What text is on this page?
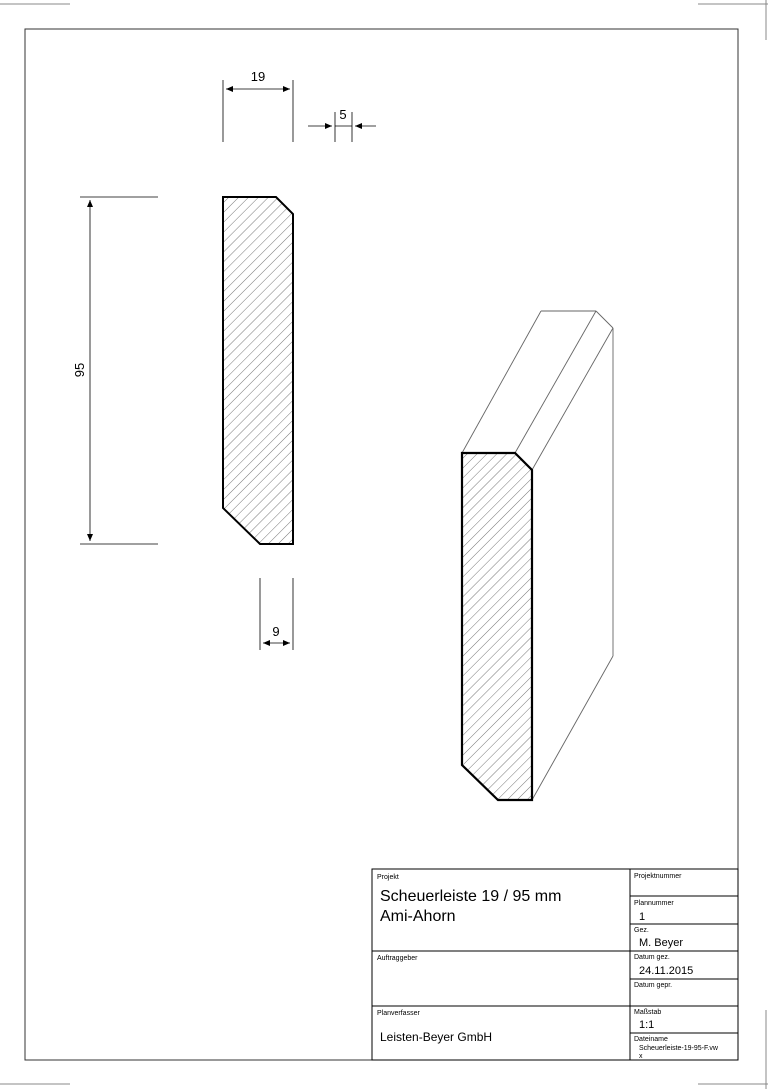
19
5
95
9
Projekt
Scheuerleiste 19 / 95 mm
Ami-Ahorn
Projektnummer
Plannummer
1
Gez.
M. Beyer
Auftraggeber	Datum gez.
24.11.2015
Datum gepr.
Planverfasser
Leisten-Beyer GmbH
Maßstab
1:1
Dateiname
Scheuerleiste-19-95-F.vw
x
